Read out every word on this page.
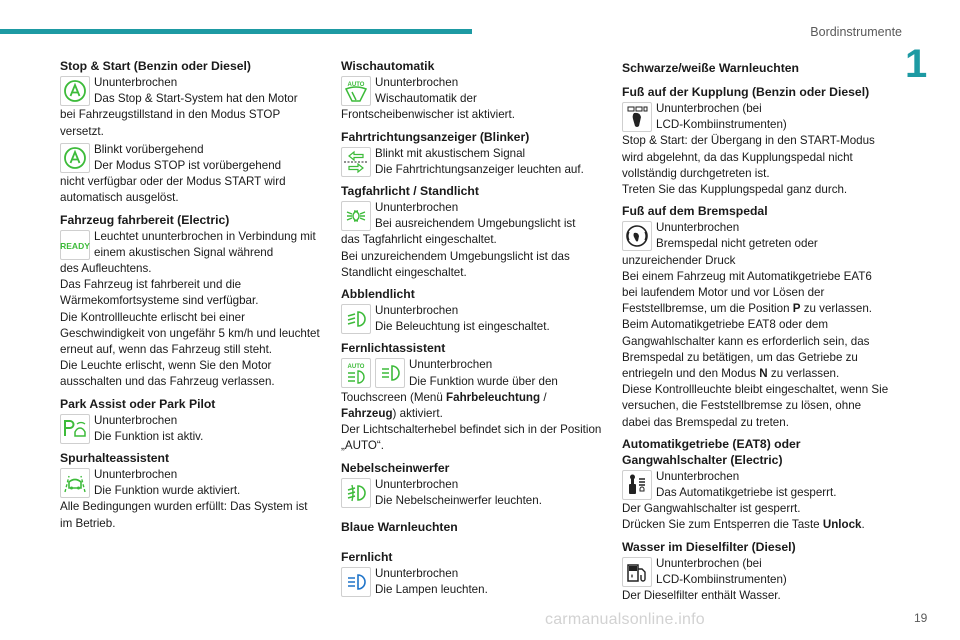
Bordinstrumente
1
carmanualsonline.info	19
Stop & Start (Benzin oder Diesel)

Ununterbrochen

Das Stop & Start-System hat den Motor

bei Fahrzeugstillstand in den Modus STOP versetzt.

Blinkt vorübergehend

Der Modus STOP ist vorübergehend

nicht verfügbar oder der Modus START wird automatisch ausgelöst.

Fahrzeug fahrbereit (Electric)
READY

Leuchtet ununterbrochen in Verbindung mit einem akustischen Signal während

des Aufleuchtens.

Das Fahrzeug ist fahrbereit und die Wärmekomfortsysteme sind verfügbar.

Die Kontrollleuchte erlischt bei einer Geschwindigkeit von ungefähr 5 km/h und leuchtet erneut auf, wenn das Fahrzeug still steht.

Die Leuchte erlischt, wenn Sie den Motor ausschalten und das Fahrzeug verlassen.

Park Assist oder Park Pilot

Ununterbrochen

Die Funktion ist aktiv.

Spurhalteassistent

Ununterbrochen

Die Funktion wurde aktiviert.

Alle Bedingungen wurden erfüllt: Das System ist im Betrieb.

Wischautomatik
AUTO Ununterbrochen

Wischautomatik der

Frontscheibenwischer ist aktiviert.

Fahrtrichtungsanzeiger (Blinker)

Blinkt mit akustischem Signal

Die Fahrtrichtungsanzeiger leuchten auf.

Tagfahrlicht / Standlicht

Ununterbrochen

Bei ausreichendem Umgebungslicht ist

das Tagfahrlicht eingeschaltet.

Bei unzureichendem Umgebungslicht ist das Standlicht eingeschaltet.

Abblendlicht

Ununterbrochen

Die Beleuchtung ist eingeschaltet.

Fernlichtassistent
AUTO	Ununterbrochen

Die Funktion wurde über den

Touchscreen (Menü Fahrbeleuchtung /

Fahrzeug) aktiviert.

Der Lichtschalterhebel befindet sich in der Position „AUTO“.

Nebelscheinwerfer

Ununterbrochen

Die Nebelscheinwerfer leuchten.

Blaue Warnleuchten
Fernlicht

Ununterbrochen

Die Lampen leuchten.

Schwarze/weiße Warnleuchten
Fuß auf der Kupplung (Benzin oder Diesel)

Ununterbrochen (bei

LCD-Kombiinstrumenten)

Stop & Start: der Übergang in den START-Modus wird abgelehnt, da das Kupplungspedal nicht vollständig durchgetreten ist.

Treten Sie das Kupplungspedal ganz durch.

Fuß auf dem Bremspedal

Ununterbrochen

Bremspedal nicht getreten oder

unzureichender Druck

Bei einem Fahrzeug mit Automatikgetriebe EAT6 bei laufendem Motor und vor Lösen der Feststellbremse, um die Position P zu verlassen.

Beim Automatikgetriebe EAT8 oder dem Gangwahlschalter kann es erforderlich sein, das Bremspedal zu betätigen, um das Getriebe zu entriegeln und den Modus N zu verlassen.

Diese Kontrollleuchte bleibt eingeschaltet, wenn Sie versuchen, die Feststellbremse zu lösen, ohne dabei das Bremspedal zu treten.

Automatikgetriebe (EAT8) oder Gangwahlschalter (Electric)

Ununterbrochen

Das Automatikgetriebe ist gesperrt.

Der Gangwahlschalter ist gesperrt.

Drücken Sie zum Entsperren die Taste Unlock.

Wasser im Dieselfilter (Diesel)

Ununterbrochen (bei

LCD-Kombiinstrumenten)

Der Dieselfilter enthält Wasser.
